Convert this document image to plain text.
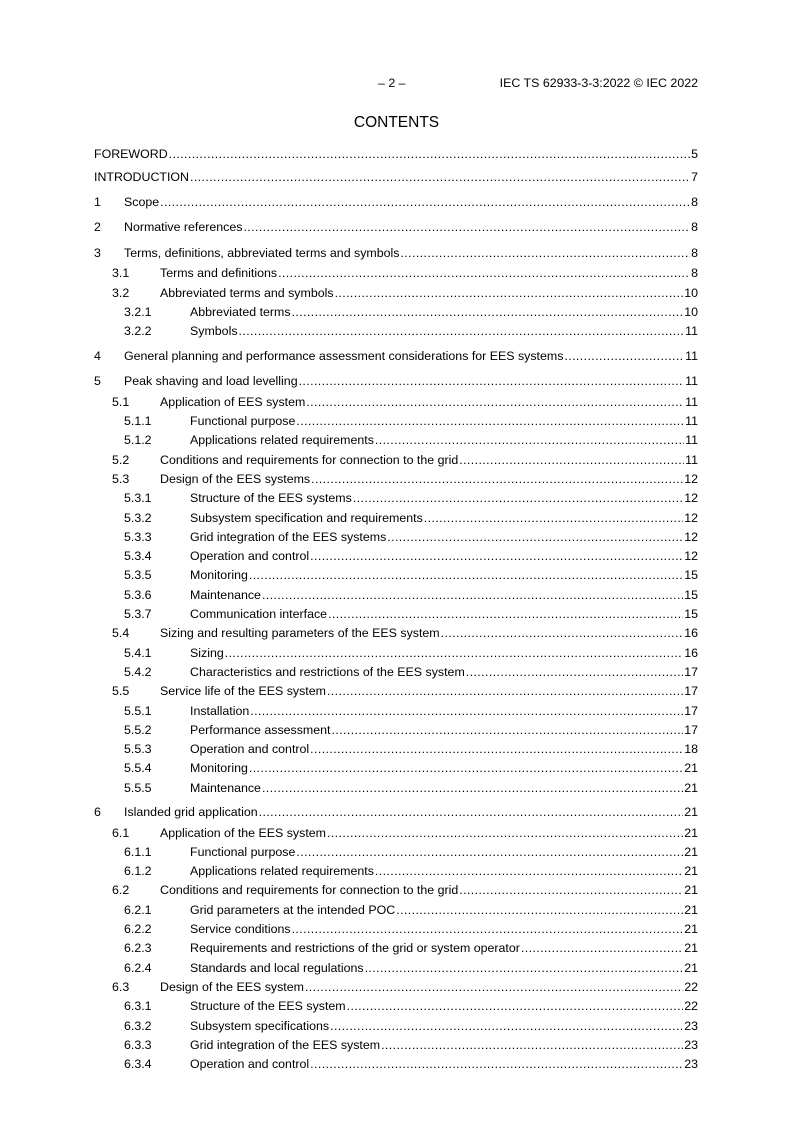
– 2 –	IEC TS 62933-3-3:2022 © IEC 2022
CONTENTS
FOREWORD .....	5
INTRODUCTION .....	7
1 Scope .....	8
2 Normative references .....	8
3 Terms, definitions, abbreviated terms and symbols .....	8
3.1 Terms and definitions .....	8
3.2 Abbreviated terms and symbols .....	10
3.2.1	Abbreviated terms .....	10
3.2.2	Symbols .....	11
4 General planning and performance assessment considerations for EES systems .....	11
5 Peak shaving and load levelling .....	11
5.1 Application of EES system .....	11
5.1.1	Functional purpose .....	11
5.1.2	Applications related requirements .....	11
5.2 Conditions and requirements for connection to the grid .....	11
5.3 Design of the EES systems .....	12
5.3.1	Structure of the EES systems .....	12
5.3.2	Subsystem specification and requirements .....	12
5.3.3	Grid integration of the EES systems .....	12
5.3.4	Operation and control .....	12
5.3.5	Monitoring .....	15
5.3.6	Maintenance .....	15
5.3.7	Communication interface .....	15
5.4 Sizing and resulting parameters of the EES system .....	16
5.4.1	Sizing .....	16
5.4.2	Characteristics and restrictions of the EES system .....	17
5.5 Service life of the EES system .....	17
5.5.1	Installation .....	17
5.5.2	Performance assessment .....	17
5.5.3	Operation and control .....	18
5.5.4	Monitoring .....	21
5.5.5	Maintenance .....	21
6 Islanded grid application .....	21
6.1 Application of the EES system .....	21
6.1.1	Functional purpose .....	21
6.1.2	Applications related requirements .....	21
6.2 Conditions and requirements for connection to the grid .....	21
6.2.1	Grid parameters at the intended POC .....	21
6.2.2	Service conditions .....	21
6.2.3	Requirements and restrictions of the grid or system operator .....	21
6.2.4	Standards and local regulations .....	21
6.3 Design of the EES system .....	22
6.3.1	Structure of the EES system .....	22
6.3.2	Subsystem specifications .....	23
6.3.3	Grid integration of the EES system .....	23
6.3.4	Operation and control .....	23
